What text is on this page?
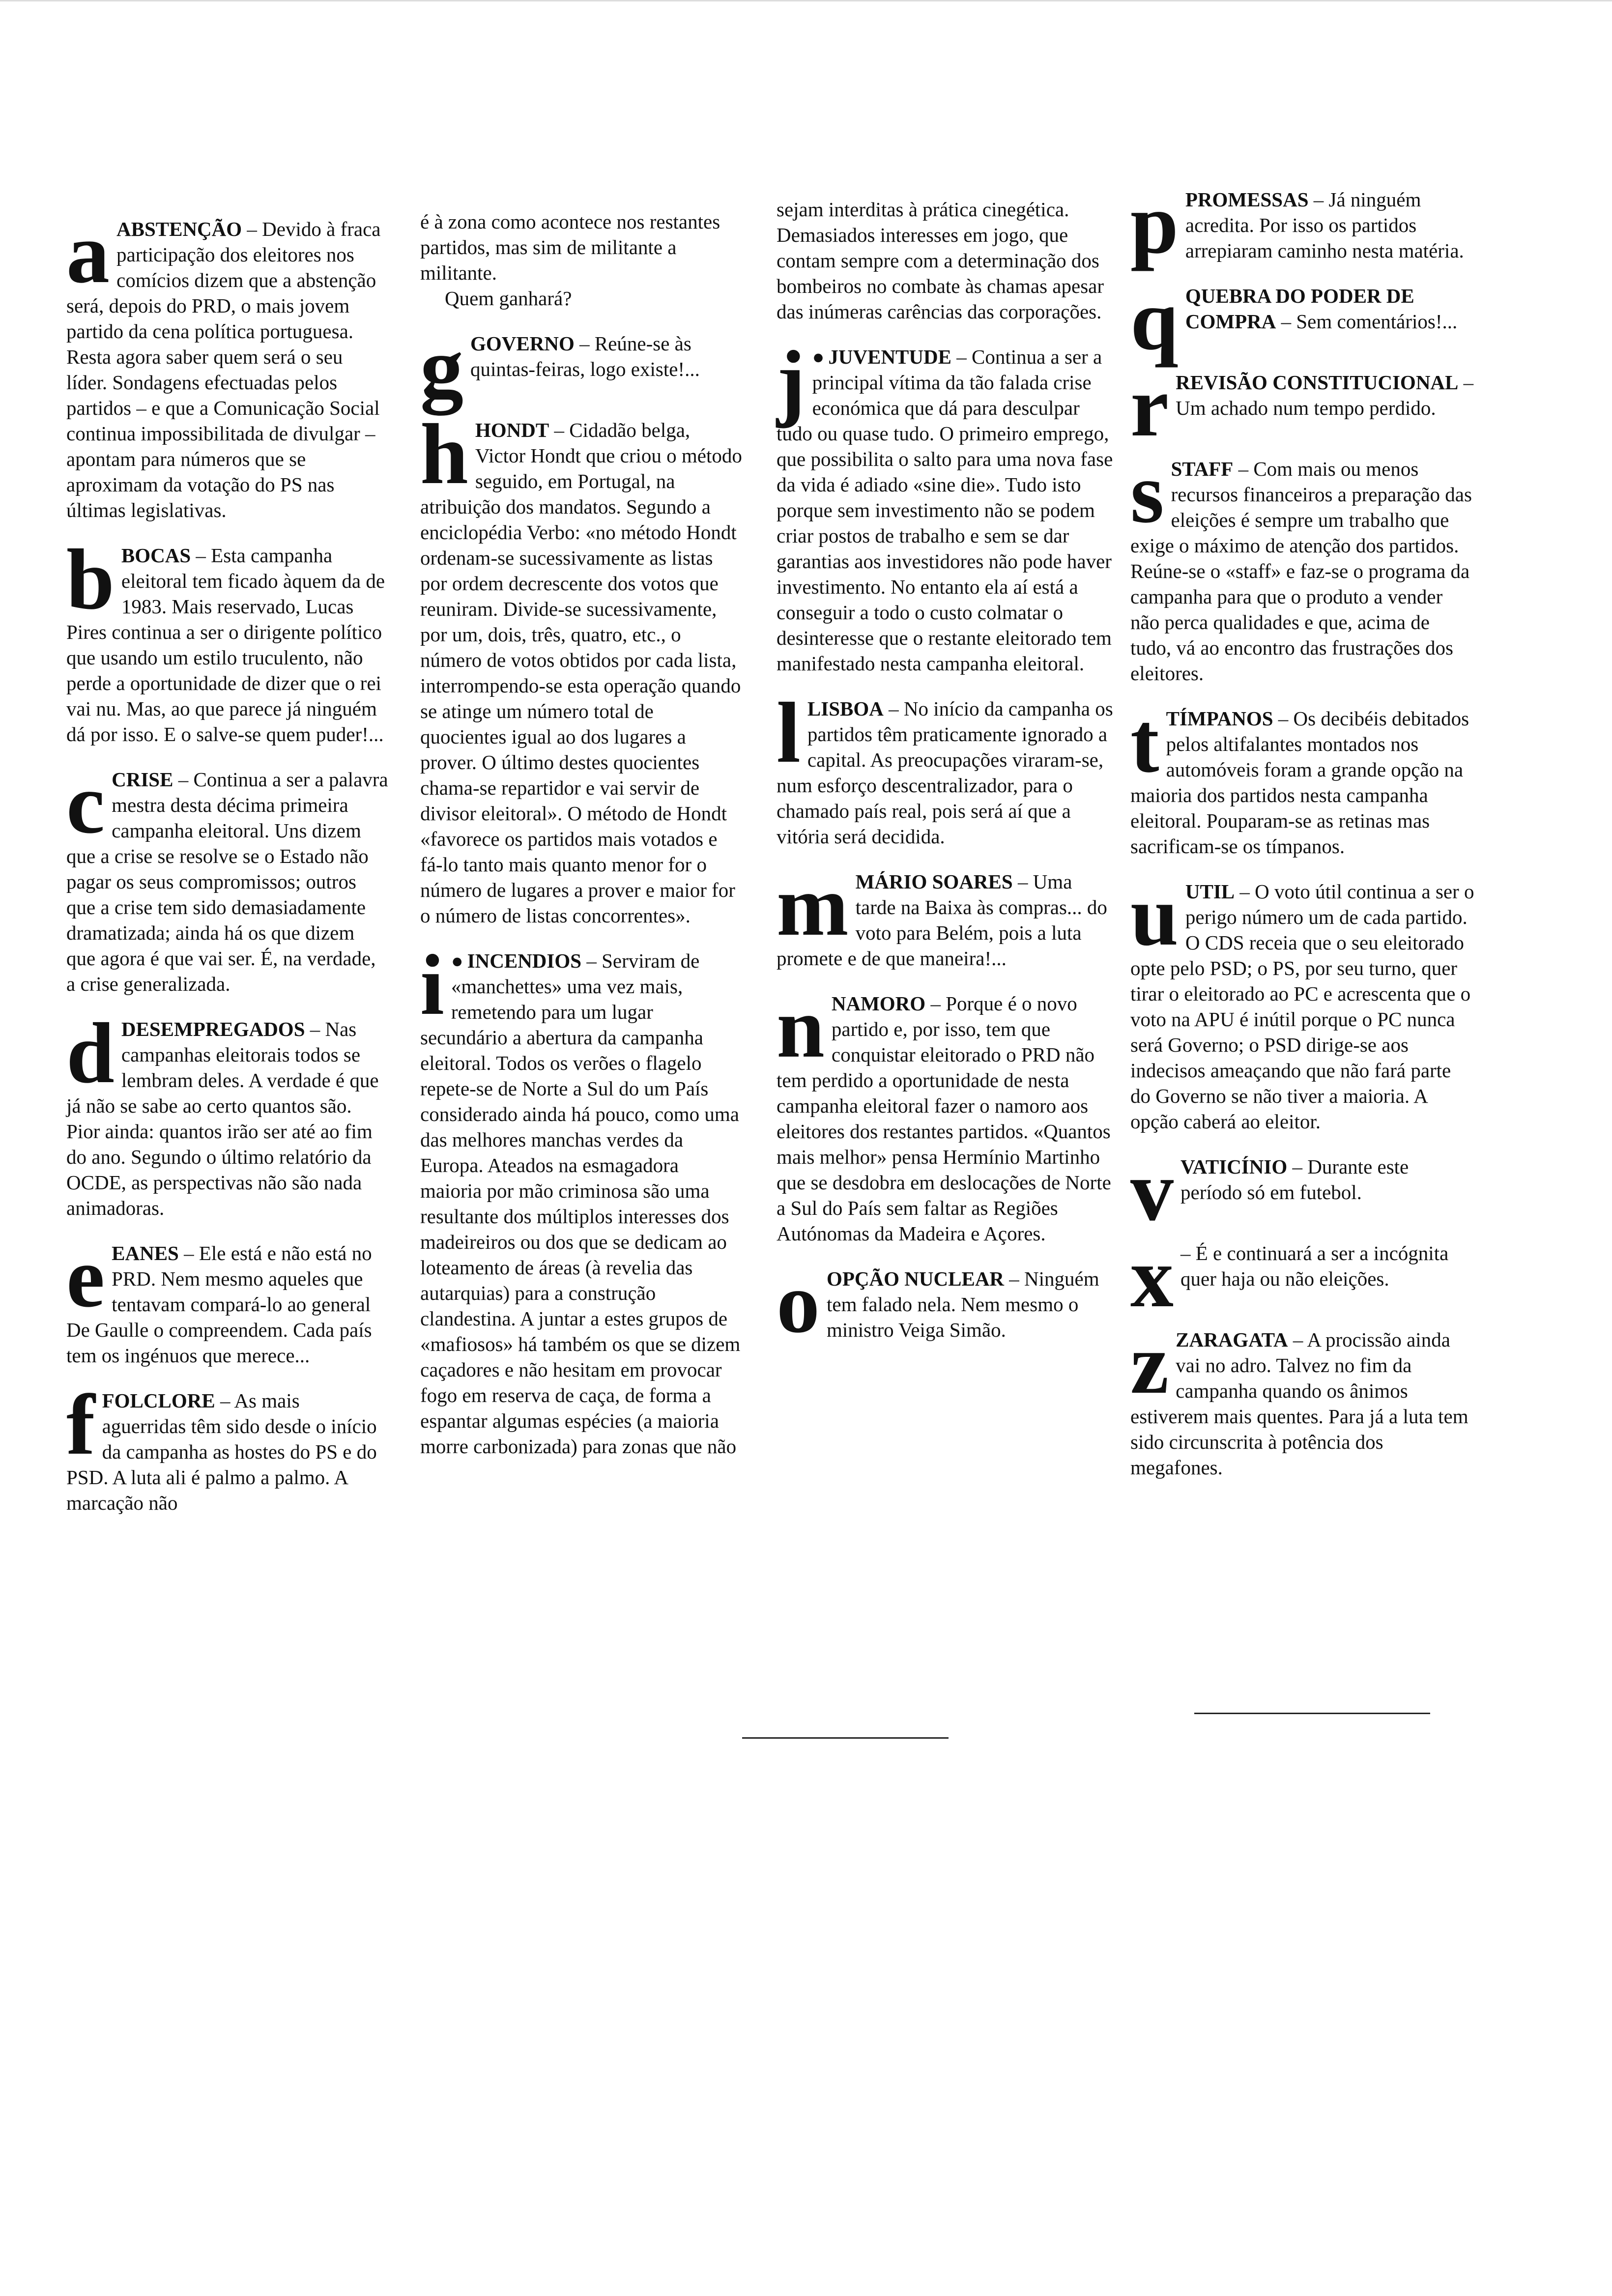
aABSTENÇÃO – Devido à fraca participação dos eleitores nos comícios dizem que a abstenção será, depois do PRD, o mais jovem partido da cena política portuguesa. Resta agora saber quem será o seu líder. Sondagens efectuadas pelos partidos – e que a Comunicação Social continua impossibilitada de divulgar – apontam para números que se aproximam da votação do PS nas últimas legislativas.
bBOCAS – Esta campanha eleitoral tem ficado àquem da de 1983. Mais reservado, Lucas Pires continua a ser o dirigente político que usando um estilo truculento, não perde a oportunidade de dizer que o rei vai nu. Mas, ao que parece já ninguém dá por isso. E o salve-se quem puder!...
cCRISE – Continua a ser a palavra mestra desta décima primeira campanha eleitoral. Uns dizem que a crise se resolve se o Estado não pagar os seus compromissos; outros que a crise tem sido demasiadamente dramatizada; ainda há os que dizem que agora é que vai ser. É, na verdade, a crise generalizada.
dDESEMPREGADOS – Nas campanhas eleitorais todos se lembram deles. A verdade é que já não se sabe ao certo quantos são. Pior ainda: quantos irão ser até ao fim do ano. Segundo o último relatório da OCDE, as perspectivas não são nada animadoras.
eEANES – Ele está e não está no PRD. Nem mesmo aqueles que tentavam compará-lo ao general De Gaulle o compreendem. Cada país tem os ingénuos que merece...
fFOLCLORE – As mais aguerridas têm sido desde o início da campanha as hostes do PS e do PSD. A luta ali é palmo a palmo. A marcação não
é à zona como acontece nos restantes partidos, mas sim de militante a militante.
Quem ganhará?
gGOVERNO – Reúne-se às quintas-feiras, logo existe!...
hHONDT – Cidadão belga, Victor Hondt que criou o método seguido, em Portugal, na atribuição dos mandatos. Segundo a enciclopédia Verbo: «no método Hondt ordenam-se sucessivamente as listas por ordem decrescente dos votos que reuniram. Divide-se sucessivamente, por um, dois, três, quatro, etc., o número de votos obtidos por cada lista, interrompendo-se esta operação quando se atinge um número total de quocientes igual ao dos lugares a prover. O último destes quocientes chama-se repartidor e vai servir de divisor eleitoral». O método de Hondt «favorece os partidos mais votados e fá-lo tanto mais quanto menor for o número de lugares a prover e maior for o número de listas concorrentes».
i ● INCENDIOS – Serviram de «manchettes» uma vez mais, remetendo para um lugar secundário a abertura da campanha eleitoral. Todos os verões o flagelo repete-se de Norte a Sul do um País considerado ainda há pouco, como uma das melhores manchas verdes da Europa. Ateados na esmagadora maioria por mão criminosa são uma resultante dos múltiplos interesses dos madeireiros ou dos que se dedicam ao loteamento de áreas (à revelia das autarquias) para a construção clandestina. A juntar a estes grupos de «mafiosos» há também os que se dizem caçadores e não hesitam em provocar fogo em reserva de caça, de forma a espantar algumas espécies (a maioria morre carbonizada) para zonas que não
sejam interditas à prática cinegética. Demasiados interesses em jogo, que contam sempre com a determinação dos bombeiros no combate às chamas apesar das inúmeras carências das corporações.
j ● JUVENTUDE – Continua a ser a principal vítima da tão falada crise económica que dá para desculpar tudo ou quase tudo. O primeiro emprego, que possibilita o salto para uma nova fase da vida é adiado «sine die». Tudo isto porque sem investimento não se podem criar postos de trabalho e sem se dar garantias aos investidores não pode haver investimento. No entanto ela aí está a conseguir a todo o custo colmatar o desinteresse que o restante eleitorado tem manifestado nesta campanha eleitoral.
lLISBOA – No início da campanha os partidos têm praticamente ignorado a capital. As preocupações viraram-se, num esforço descentralizador, para o chamado país real, pois será aí que a vitória será decidida.
mMÁRIO SOARES – Uma tarde na Baixa às compras... do voto para Belém, pois a luta promete e de que maneira!...
nNAMORO – Porque é o novo partido e, por isso, tem que conquistar eleitorado o PRD não tem perdido a oportunidade de nesta campanha eleitoral fazer o namoro aos eleitores dos restantes partidos. «Quantos mais melhor» pensa Hermínio Martinho que se desdobra em deslocações de Norte a Sul do País sem faltar as Regiões Autónomas da Madeira e Açores.
oOPÇÃO NUCLEAR – Ninguém tem falado nela. Nem mesmo o ministro Veiga Simão.
pPROMESSAS – Já ninguém acredita. Por isso os partidos arrepiaram caminho nesta matéria.
qQUEBRA DO PODER DE COMPRA – Sem comentários!...
rREVISÃO CONSTITUCIONAL – Um achado num tempo perdido.
sSTAFF – Com mais ou menos recursos financeiros a preparação das eleições é sempre um trabalho que exige o máximo de atenção dos partidos. Reúne-se o «staff» e faz-se o programa da campanha para que o produto a vender não perca qualidades e que, acima de tudo, vá ao encontro das frustrações dos eleitores.
tTÍMPANOS – Os decibéis debitados pelos altifalantes montados nos automóveis foram a grande opção na maioria dos partidos nesta campanha eleitoral. Pouparam-se as retinas mas sacrificam-se os tímpanos.
uUTIL – O voto útil continua a ser o perigo número um de cada partido. O CDS receia que o seu eleitorado opte pelo PSD; o PS, por seu turno, quer tirar o eleitorado ao PC e acrescenta que o voto na APU é inútil porque o PC nunca será Governo; o PSD dirige-se aos indecisos ameaçando que não fará parte do Governo se não tiver a maioria. A opção caberá ao eleitor.
vVATICÍNIO – Durante este período só em futebol.
x – É e continuará a ser a incógnita quer haja ou não eleições.
zZARAGATA – A procissão ainda vai no adro. Talvez no fim da campanha quando os ânimos estiverem mais quentes. Para já a luta tem sido circunscrita à potência dos megafones.
